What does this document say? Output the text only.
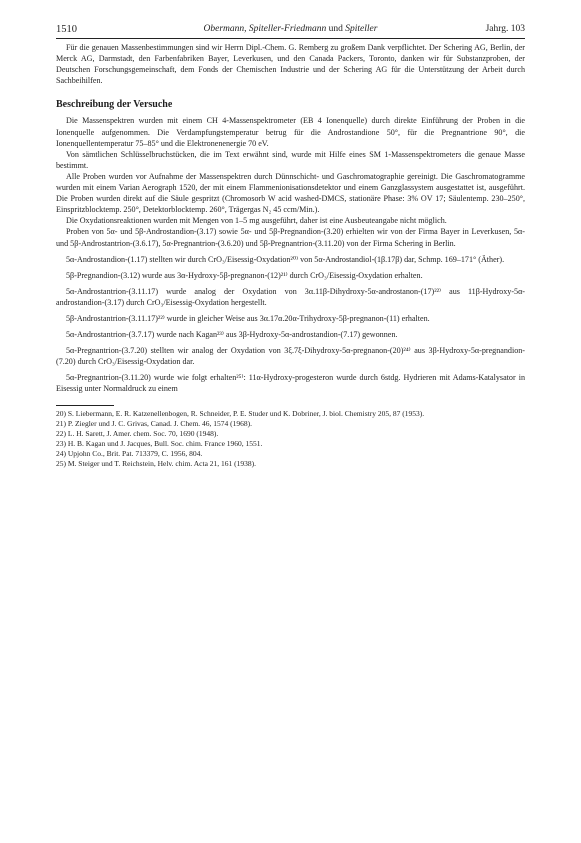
1510	Obermann, Spiteller-Friedmann und Spiteller	Jahrg. 103

Für die genauen Massenbestimmungen sind wir Herrn Dipl.-Chem. G. Remberg zu großem Dank verpflichtet. Der Schering AG, Berlin, der Merck AG, Darmstadt, den Farbenfabriken Bayer, Leverkusen, und den Canada Packers, Toronto, danken wir für Substanzproben, der Deutschen Forschungsgemeinschaft, dem Fonds der Chemischen Industrie und der Schering AG für die Unterstützung der Arbeit durch Sachbeihilfen.

Beschreibung der Versuche

Die Massenspektren wurden mit einem CH 4-Massenspektrometer (EB 4 Ionenquelle) durch direkte Einführung der Proben in die Ionenquelle aufgenommen. Die Verdampfungstemperatur betrug für die Androstandione 50°, für die Pregnantrione 90°, die Ionenquellentemperatur 75–85° und die Elektronenenergie 70 eV.

Von sämtlichen Schlüsselbruchstücken, die im Text erwähnt sind, wurde mit Hilfe eines SM 1-Massenspektrometers die genaue Masse bestimmt.

Alle Proben wurden vor Aufnahme der Massenspektren durch Dünnschicht- und Gaschromatographie gereinigt. Die Gaschromatogramme wurden mit einem Varian Aerograph 1520, der mit einem Flammenionisationsdetektor und einem Ganzglassystem ausgestattet ist, ausgeführt. Die Proben wurden direkt auf die Säule gespritzt (Chromosorb W acid washed-DMCS, stationäre Phase: 3% OV 17; Säulentemp. 230–250°, Einspritzblocktemp. 250°, Detektorblocktemp. 260°, Trägergas N₂ 45 ccm/Min.).

Die Oxydationsreaktionen wurden mit Mengen von 1–5 mg ausgeführt, daher ist eine Ausbeuteangabe nicht möglich.

Proben von 5α- und 5β-Androstandion-(3.17) sowie 5α- und 5β-Pregnandion-(3.20) erhielten wir von der Firma Bayer in Leverkusen, 5α- und 5β-Androstantrion-(3.6.17), 5α-Pregnantrion-(3.6.20) und 5β-Pregnantrion-(3.11.20) von der Firma Schering in Berlin.

5α-Androstandion-(1.17) stellten wir durch CrO₃/Eisessig-Oxydation²⁰⁾ von 5α-Androstandiol-(1β.17β) dar, Schmp. 169–171° (Äther).

5β-Pregnandion-(3.12) wurde aus 3α-Hydroxy-5β-pregnanon-(12)²¹⁾ durch CrO₃/Eisessig-Oxydation erhalten.

5α-Androstantrion-(3.11.17) wurde analog der Oxydation von 3α.11β-Dihydroxy-5α-androstanon-(17)²²⁾ aus 11β-Hydroxy-5α-androstandion-(3.17) durch CrO₃/Eisessig-Oxydation hergestellt.

5β-Androstantrion-(3.11.17)²²⁾ wurde in gleicher Weise aus 3α.17α.20α-Trihydroxy-5β-pregnanon-(11) erhalten.

5α-Androstantrion-(3.7.17) wurde nach Kagan²³⁾ aus 3β-Hydroxy-5α-androstandion-(7.17) gewonnen.

5α-Pregnantrion-(3.7.20) stellten wir analog der Oxydation von 3ξ.7ξ-Dihydroxy-5α-pregnanon-(20)²⁴⁾ aus 3β-Hydroxy-5α-pregnandion-(7.20) durch CrO₃/Eisessig-Oxydation dar.

5α-Pregnantrion-(3.11.20) wurde wie folgt erhalten²⁵⁾: 11α-Hydroxy-progesteron wurde durch 6stdg. Hydrieren mit Adams-Katalysator in Eisessig unter Normaldruck zu einem

20) S. Liebermann, E. R. Katzenellenbogen, R. Schneider, P. E. Studer und K. Dobriner, J. biol. Chemistry 205, 87 (1953).

21) P. Ziegler und J. C. Grivas, Canad. J. Chem. 46, 1574 (1968).

22) L. H. Sarett, J. Amer. chem. Soc. 70, 1690 (1948).

23) H. B. Kagan und J. Jacques, Bull. Soc. chim. France 1960, 1551.

24) Upjohn Co., Brit. Pat. 713379, C. 1956, 804.

25) M. Steiger und T. Reichstein, Helv. chim. Acta 21, 161 (1938).
